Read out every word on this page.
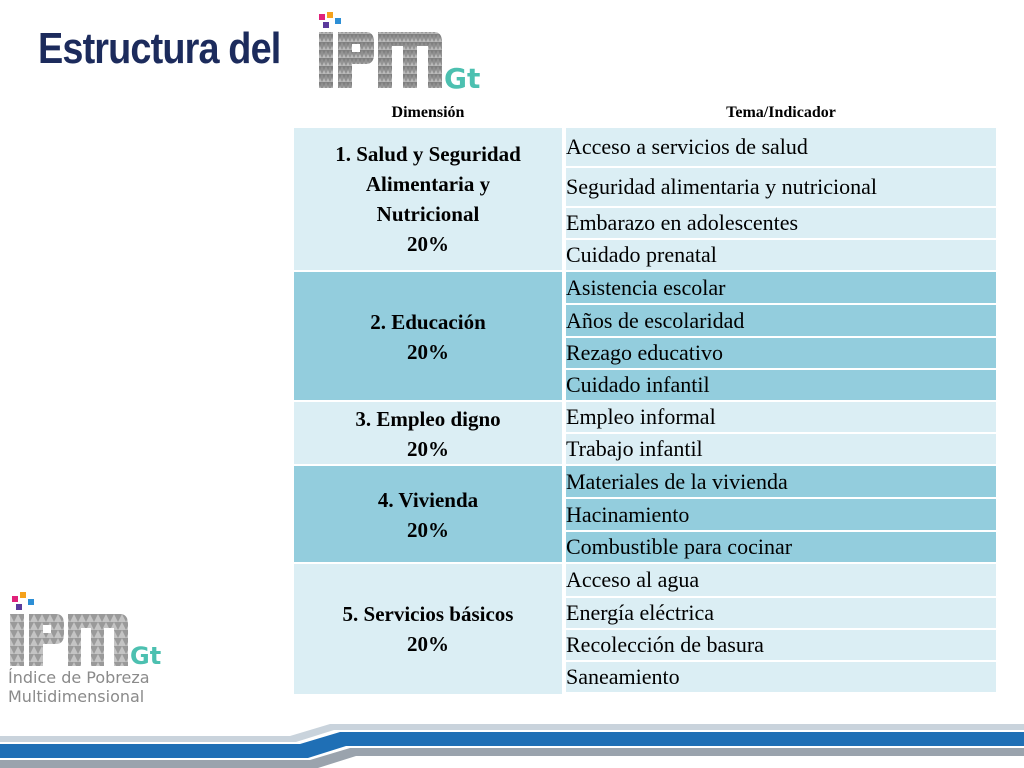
Estructura del
Gt
Dimensión	Tema/Indicador
1. Salud y Seguridad
Alimentaria y
Nutricional
20%
Acceso a servicios de salud
Seguridad alimentaria y nutricional
Embarazo en adolescentes
Cuidado prenatal
2. Educación
20%
Asistencia escolar
Años de escolaridad
Rezago educativo
Cuidado infantil
3. Empleo digno
20%
Empleo informal
Trabajo infantil
4. Vivienda
20%
Materiales de la vivienda
Hacinamiento
Combustible para cocinar
5. Servicios básicos
20%
Acceso al agua
Energía eléctrica
Recolección de basura
Saneamiento
Gt
Índice de Pobreza
Multidimensional
